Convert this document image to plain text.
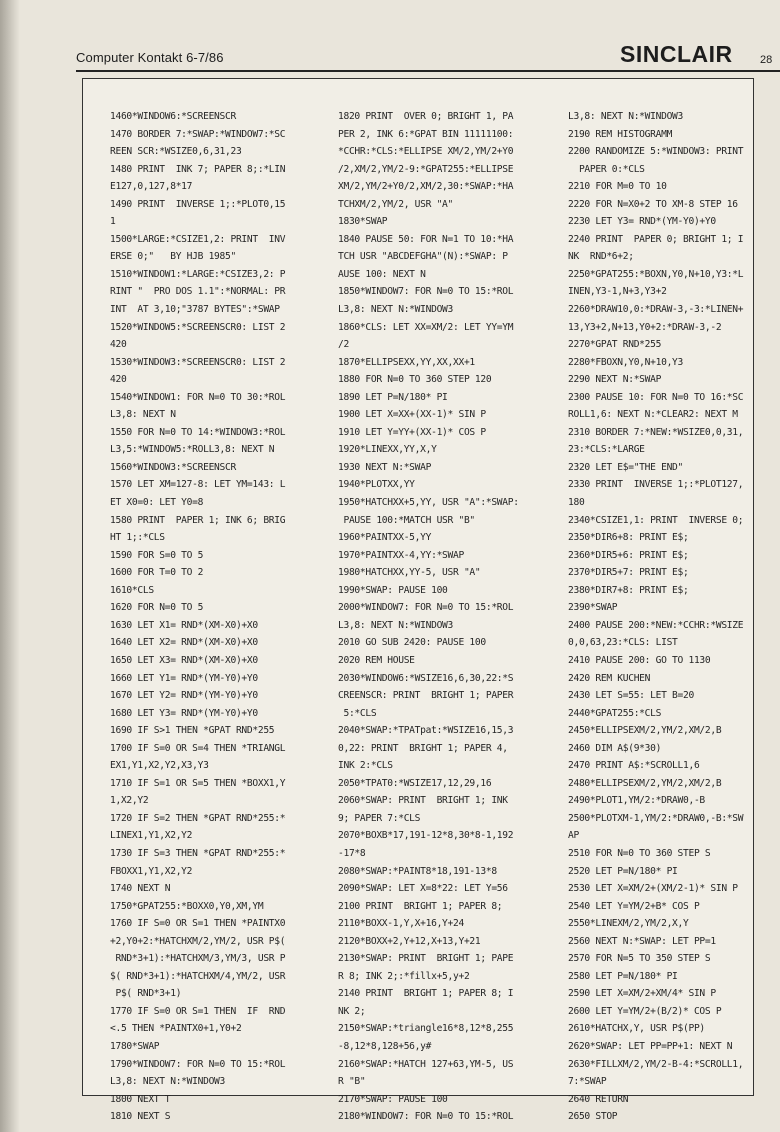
Computer Kontakt 6-7/86	SINCLAIR 28
1460*WINDOW6:*SCREENSCR
1470 BORDER 7:*SWAP:*WINDOW7:*SC
REEN SCR:*WSIZE0,6,31,23
1480 PRINT  INK 7; PAPER 8;:*LIN
E127,0,127,8*17
1490 PRINT  INVERSE 1;:*PLOT0,15
1
1500*LARGE:*CSIZE1,2: PRINT  INV
ERSE 0;"   BY HJB 1985"
1510*WINDOW1:*LARGE:*CSIZE3,2: P
RINT "  PRO DOS 1.1":*NORMAL: PR
INT  AT 3,10;"3787 BYTES":*SWAP
1520*WINDOW5:*SCREENSCR0: LIST 2
420
1530*WINDOW3:*SCREENSCR0: LIST 2
420
1540*WINDOW1: FOR N=0 TO 30:*ROL
L3,8: NEXT N
1550 FOR N=0 TO 14:*WINDOW3:*ROL
L3,5:*WINDOW5:*ROLL3,8: NEXT N
1560*WINDOW3:*SCREENSCR
1570 LET XM=127-8: LET YM=143: L
ET X0=0: LET Y0=8
1580 PRINT  PAPER 1; INK 6; BRIG
HT 1;:*CLS
1590 FOR S=0 TO 5
1600 FOR T=0 TO 2
1610*CLS
1620 FOR N=0 TO 5
1630 LET X1= RND*(XM-X0)+X0
1640 LET X2= RND*(XM-X0)+X0
1650 LET X3= RND*(XM-X0)+X0
1660 LET Y1= RND*(YM-Y0)+Y0
1670 LET Y2= RND*(YM-Y0)+Y0
1680 LET Y3= RND*(YM-Y0)+Y0
1690 IF S>1 THEN *GPAT RND*255
1700 IF S=0 OR S=4 THEN *TRIANGL
EX1,Y1,X2,Y2,X3,Y3
1710 IF S=1 OR S=5 THEN *BOXX1,Y
1,X2,Y2
1720 IF S=2 THEN *GPAT RND*255:*
LINEX1,Y1,X2,Y2
1730 IF S=3 THEN *GPAT RND*255:*
FBOXX1,Y1,X2,Y2
1740 NEXT N
1750*GPAT255:*BOXX0,Y0,XM,YM
1760 IF S=0 OR S=1 THEN *PAINTX0
+2,Y0+2:*HATCHXM/2,YM/2, USR P$(
RND*3+1):*HATCHXM/3,YM/3, USR P
$( RND*3+1):*HATCHXM/4,YM/2, USR
P$( RND*3+1)
1770 IF S=0 OR S=1 THEN  IF  RND
<.5 THEN *PAINTX0+1,Y0+2
1780*SWAP
1790*WINDOW7: FOR N=0 TO 15:*ROL
L3,8: NEXT N:*WINDOW3
1800 NEXT T
1810 NEXT S
1820 PRINT  OVER 0; BRIGHT 1, PA
PER 2, INK 6:*GPAT BIN 11111100:
*CCHR:*CLS:*ELLIPSE XM/2,YM/2+Y0
/2,XM/2,YM/2-9:*GPAT255:*ELLIPSE
XM/2,YM/2+Y0/2,XM/2,30:*SWAP:*HA
TCHXM/2,YM/2, USR "A"
1830*SWAP
1840 PAUSE 50: FOR N=1 TO 10:*HA
TCH USR "ABCDEFGHA"(N):*SWAP: P
AUSE 100: NEXT N
1850*WINDOW7: FOR N=0 TO 15:*ROL
L3,8: NEXT N:*WINDOW3
1860*CLS: LET XX=XM/2: LET YY=YM
/2
1870*ELLIPSEXX,YY,XX,XX+1
1880 FOR N=0 TO 360 STEP 120
1890 LET P=N/180* PI
1900 LET X=XX+(XX-1)* SIN P
1910 LET Y=YY+(XX-1)* COS P
1920*LINEXX,YY,X,Y
1930 NEXT N:*SWAP
1940*PLOTXX,YY
1950*HATCHXX+5,YY, USR "A":*SWAP:
PAUSE 100:*MATCH USR "B"
1960*PAINTXX-5,YY
1970*PAINTXX-4,YY:*SWAP
1980*HATCHXX,YY-5, USR "A"
1990*SWAP: PAUSE 100
2000*WINDOW7: FOR N=0 TO 15:*ROL
L3,8: NEXT N:*WINDOW3
2010 GO SUB 2420: PAUSE 100
2020 REM HOUSE
2030*WINDOW6:*WSIZE16,6,30,22:*S
CREENSCR: PRINT  BRIGHT 1; PAPER
5:*CLS
2040*SWAP:*TPATpat:*WSIZE16,15,3
0,22: PRINT  BRIGHT 1; PAPER 4,
INK 2:*CLS
2050*TPAT0:*WSIZE17,12,29,16
2060*SWAP: PRINT  BRIGHT 1; INK
9; PAPER 7:*CLS
2070*BOXB*17,191-12*8,30*8-1,192
-17*8
2080*SWAP:*PAINT8*18,191-13*8
2090*SWAP: LET X=8*22: LET Y=56
2100 PRINT  BRIGHT 1; PAPER 8;
2110*BOXX-1,Y,X+16,Y+24
2120*BOXX+2,Y+12,X+13,Y+21
2130*SWAP: PRINT  BRIGHT 1; PAPE
R 8; INK 2;:*fillx+5,y+2
2140 PRINT  BRIGHT 1; PAPER 8; I
NK 2;
2150*SWAP:*triangle16*8,12*8,255
-8,12*8,128+56,y#
2160*SWAP:*HATCH 127+63,YM-5, US
R "B"
2170*SWAP: PAUSE 100
2180*WINDOW7: FOR N=0 TO 15:*ROL
L3,8: NEXT N:*WINDOW3
2190 REM HISTOGRAMM
2200 RANDOMIZE 5:*WINDOW3: PRINT
PAPER 0:*CLS
2210 FOR M=0 TO 10
2220 FOR N=X0+2 TO XM-8 STEP 16
2230 LET Y3= RND*(YM-Y0)+Y0
2240 PRINT  PAPER 0; BRIGHT 1; I
NK  RND*6+2;
2250*GPAT255:*BOXN,Y0,N+10,Y3:*L
INEN,Y3-1,N+3,Y3+2
2260*DRAW10,0:*DRAW-3,-3:*LINEN+
13,Y3+2,N+13,Y0+2:*DRAW-3,-2
2270*GPAT RND*255
2280*FBOXN,Y0,N+10,Y3
2290 NEXT N:*SWAP
2300 PAUSE 10: FOR N=0 TO 16:*SC
ROLL1,6: NEXT N:*CLEAR2: NEXT M
2310 BORDER 7:*NEW:*WSIZE0,0,31,
23:*CLS:*LARGE
2320 LET E$="THE END"
2330 PRINT  INVERSE 1;:*PLOT127,
180
2340*CSIZE1,1: PRINT  INVERSE 0;
2350*DIR6+8: PRINT E$;
2360*DIR5+6: PRINT E$;
2370*DIR5+7: PRINT E$;
2380*DIR7+8: PRINT E$;
2390*SWAP
2400 PAUSE 200:*NEW:*CCHR:*WSIZE
0,0,63,23:*CLS: LIST
2410 PAUSE 200: GO TO 1130
2420 REM KUCHEN
2430 LET S=55: LET B=20
2440*GPAT255:*CLS
2450*ELLIPSEXM/2,YM/2,XM/2,B
2460 DIM A$(9*30)
2470 PRINT A$:*SCROLL1,6
2480*ELLIPSEXM/2,YM/2,XM/2,B
2490*PLOT1,YM/2:*DRAW0,-B
2500*PLOTXM-1,YM/2:*DRAW0,-B:*SW
AP
2510 FOR N=0 TO 360 STEP S
2520 LET P=N/180* PI
2530 LET X=XM/2+(XM/2-1)* SIN P
2540 LET Y=YM/2+B* COS P
2550*LINEXM/2,YM/2,X,Y
2560 NEXT N:*SWAP: LET PP=1
2570 FOR N=5 TO 350 STEP S
2580 LET P=N/180* PI
2590 LET X=XM/2+XM/4* SIN P
2600 LET Y=YM/2+(B/2)* COS P
2610*HATCHX,Y, USR P$(PP)
2620*SWAP: LET PP=PP+1: NEXT N
2630*FILLXM/2,YM/2-B-4:*SCROLL1,
7:*SWAP
2640 RETURN
2650 STOP
